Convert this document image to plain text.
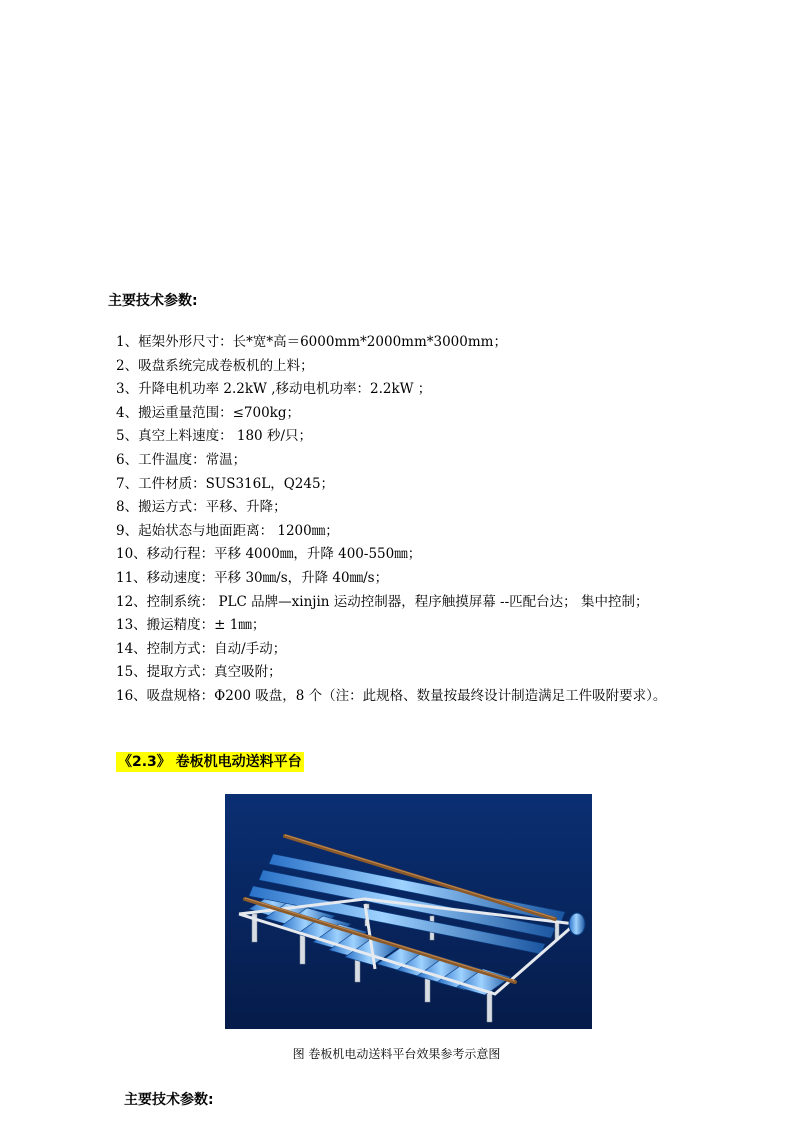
主要技术参数:
1、框架外形尺寸：长*宽*高＝6000mm*2000mm*3000mm；
2、吸盘系统完成卷板机的上料；
3、升降电机功率 2.2kW ,移动电机功率：2.2kW ；
4、搬运重量范围：≤700kg；
5、真空上料速度： 180 秒/只；
6、工件温度：常温；
7、工件材质：SUS316L，Q245；
8、搬运方式：平移、升降；
9、起始状态与地面距离： 1200㎜；
10、移动行程：平移 4000㎜，升降 400-550㎜；
11、移动速度：平移 30㎜/s，升降 40㎜/s；
12、控制系统： PLC 品牌—xinjin 运动控制器，程序触摸屏幕 --匹配台达； 集中控制；
13、搬运精度：± 1㎜；
14、控制方式：自动/手动；
15、提取方式：真空吸附；
16、吸盘规格：Φ200 吸盘，8 个（注：此规格、数量按最终设计制造满足工件吸附要求）。
《2.3》 卷板机电动送料平台
图 卷板机电动送料平台效果参考示意图
主要技术参数:
